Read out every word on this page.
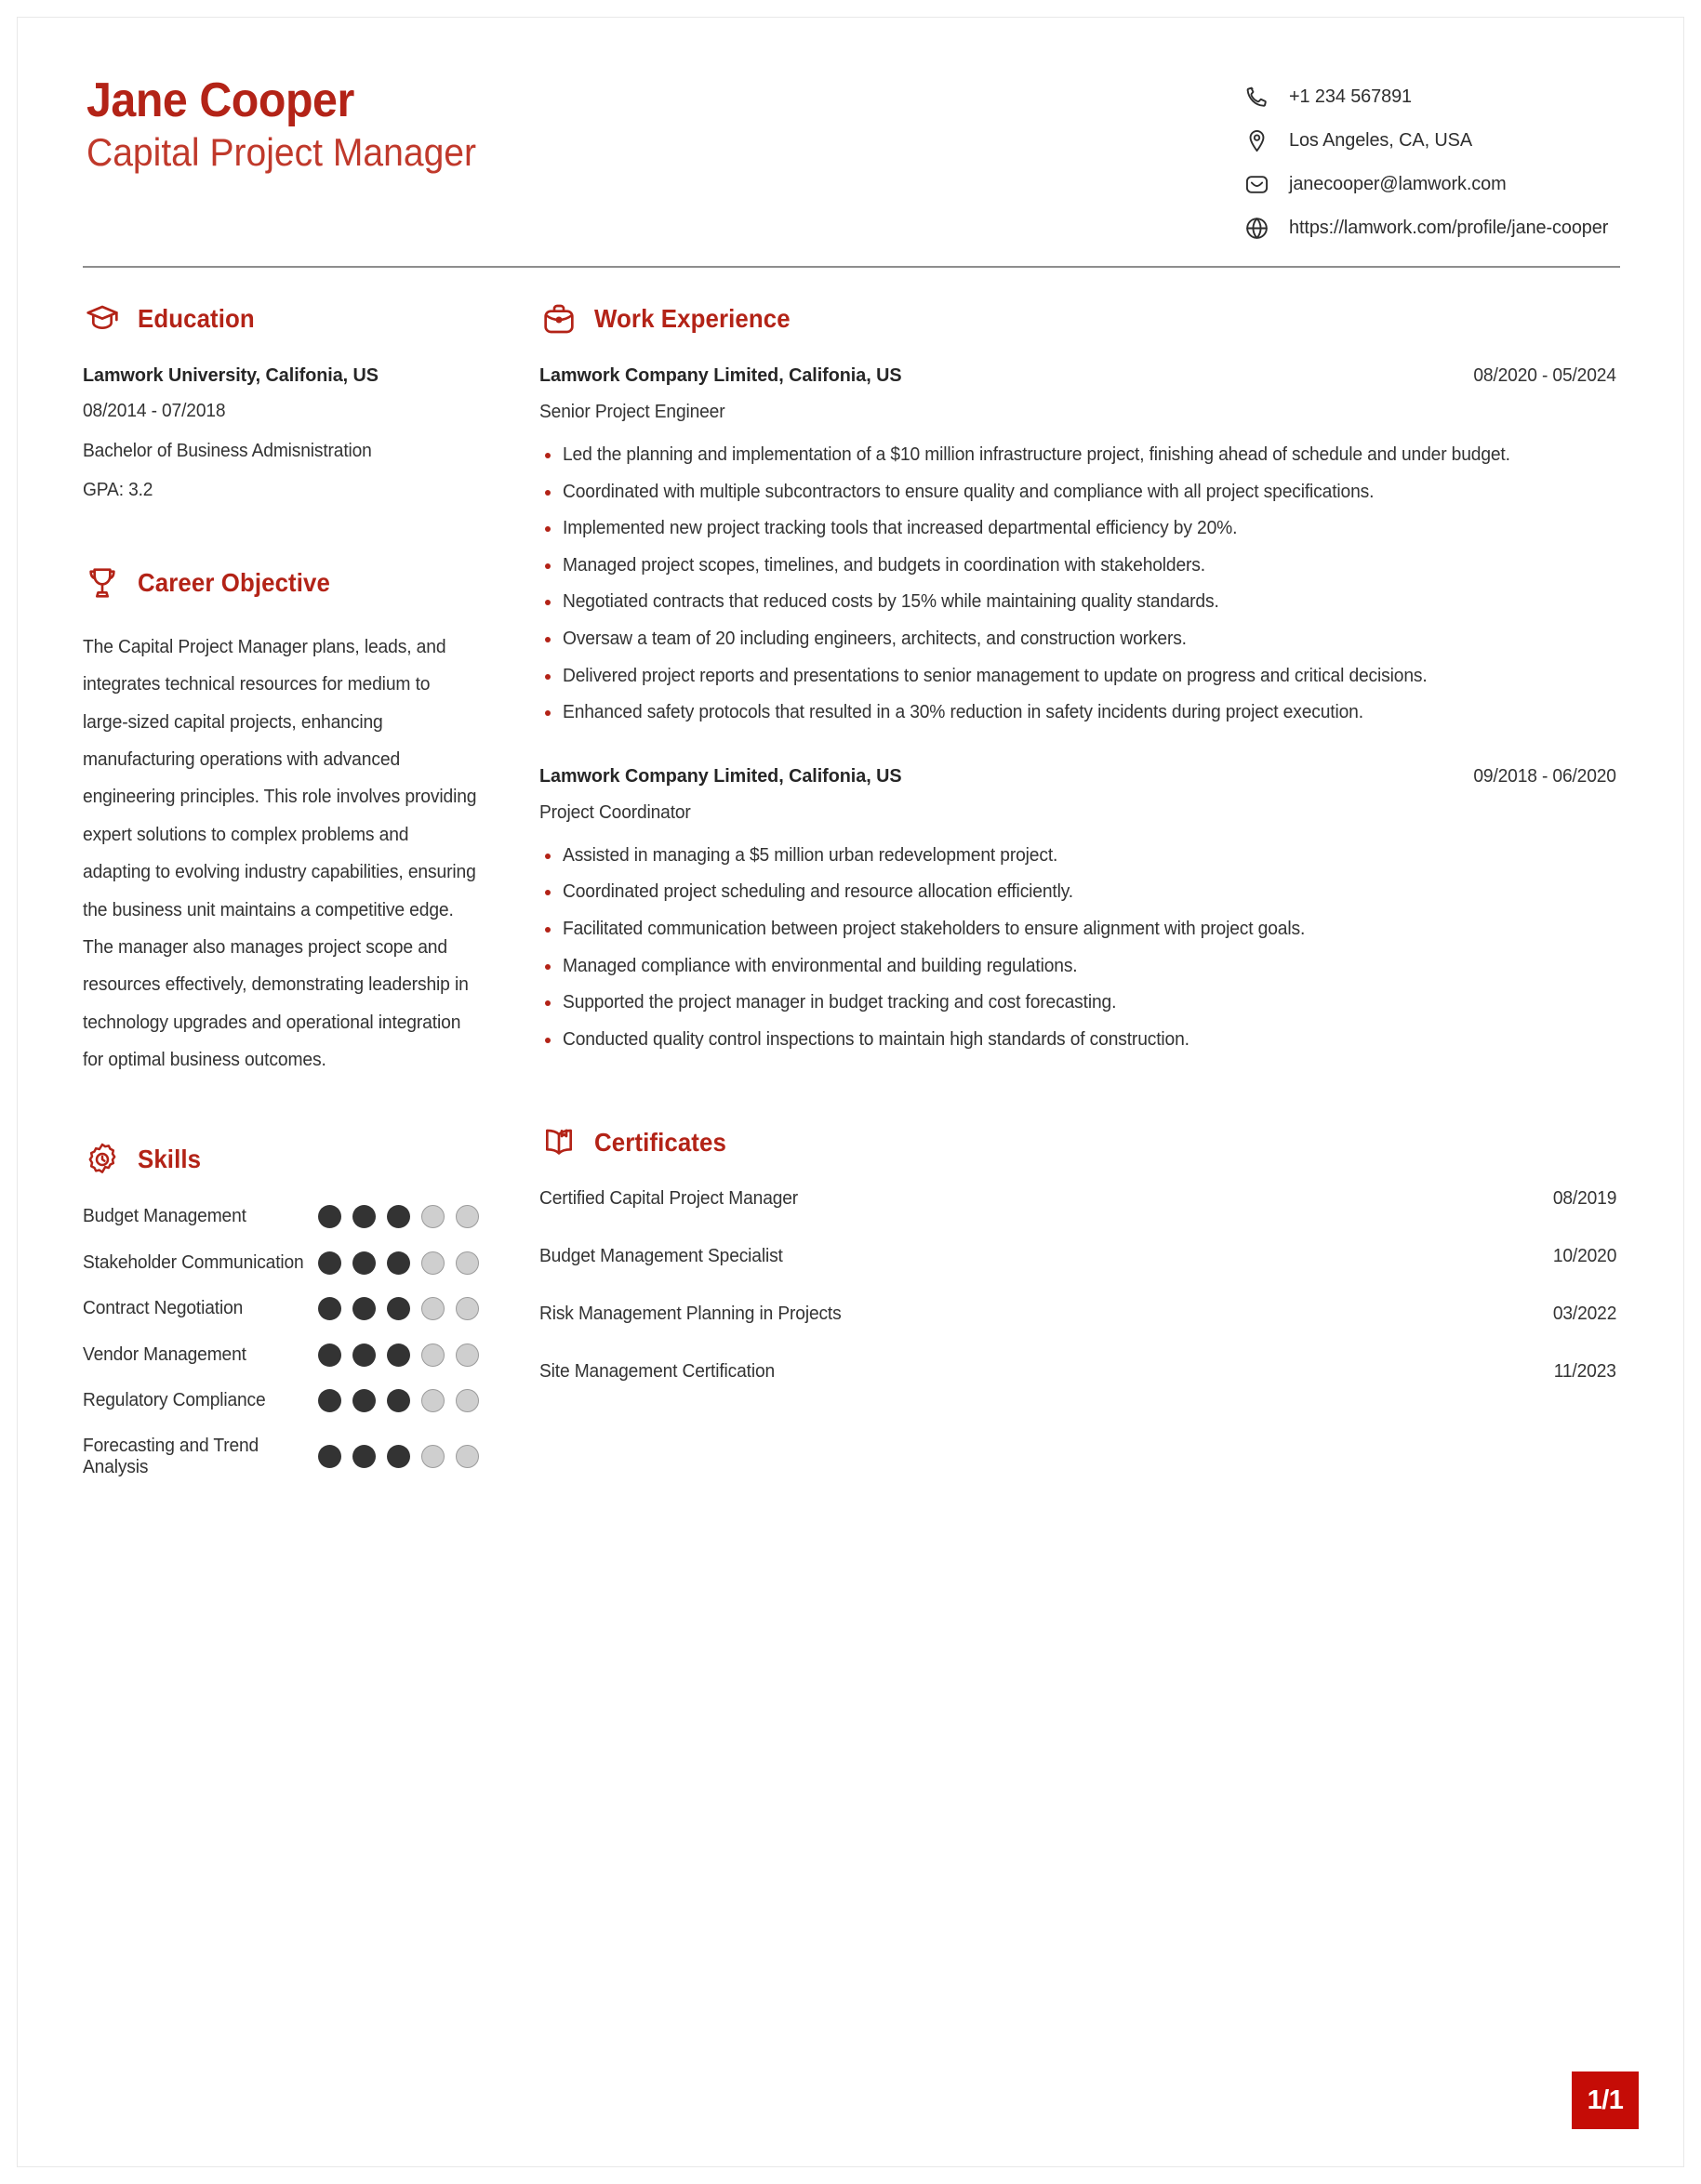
Jane Cooper
Capital Project Manager
+1 234 567891
Los Angeles, CA, USA
janecooper@lamwork.com
https://lamwork.com/profile/jane-cooper
Education
Lamwork University, Califonia, US
08/2014 - 07/2018
Bachelor of Business Admisnistration
GPA: 3.2
Career Objective
The Capital Project Manager plans, leads, and integrates technical resources for medium to large-sized capital projects, enhancing manufacturing operations with advanced engineering principles. This role involves providing expert solutions to complex problems and adapting to evolving industry capabilities, ensuring the business unit maintains a competitive edge. The manager also manages project scope and resources effectively, demonstrating leadership in technology upgrades and operational integration for optimal business outcomes.
Skills
Budget Management
Stakeholder Communication
Contract Negotiation
Vendor Management
Regulatory Compliance
Forecasting and Trend Analysis
Work Experience
Lamwork Company Limited, Califonia, US	08/2020 - 05/2024
Senior Project Engineer
Led the planning and implementation of a $10 million infrastructure project, finishing ahead of schedule and under budget.
Coordinated with multiple subcontractors to ensure quality and compliance with all project specifications.
Implemented new project tracking tools that increased departmental efficiency by 20%.
Managed project scopes, timelines, and budgets in coordination with stakeholders.
Negotiated contracts that reduced costs by 15% while maintaining quality standards.
Oversaw a team of 20 including engineers, architects, and construction workers.
Delivered project reports and presentations to senior management to update on progress and critical decisions.
Enhanced safety protocols that resulted in a 30% reduction in safety incidents during project execution.
Lamwork Company Limited, Califonia, US	09/2018 - 06/2020
Project Coordinator
Assisted in managing a $5 million urban redevelopment project.
Coordinated project scheduling and resource allocation efficiently.
Facilitated communication between project stakeholders to ensure alignment with project goals.
Managed compliance with environmental and building regulations.
Supported the project manager in budget tracking and cost forecasting.
Conducted quality control inspections to maintain high standards of construction.
Certificates
Certified Capital Project Manager	08/2019
Budget Management Specialist	10/2020
Risk Management Planning in Projects	03/2022
Site Management Certification	11/2023
1/1
